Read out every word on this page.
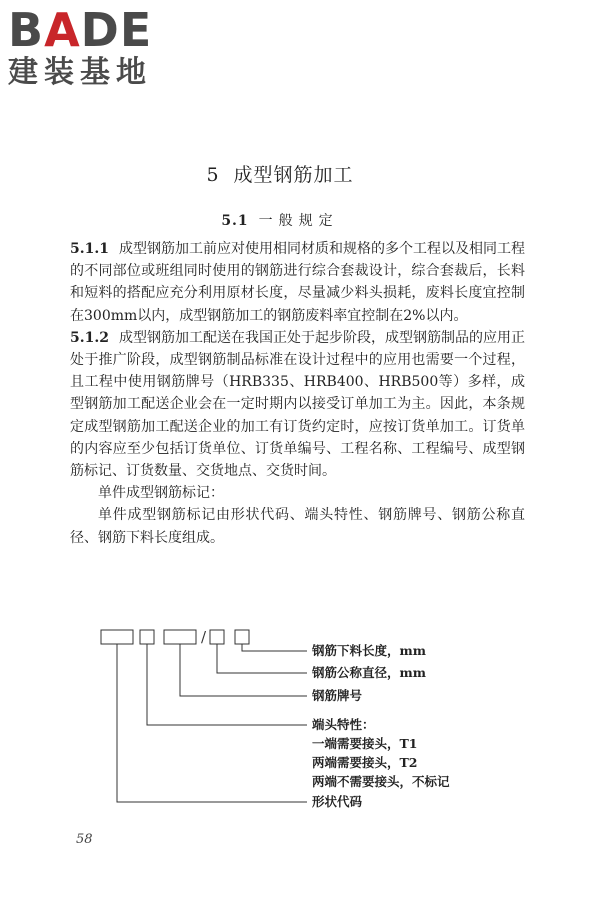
BADE
建装基地
5 成型钢筋加工
5.1 一般规定

5.1.1 成型钢筋加工前应对使用相同材质和规格的多个工程以及相同工程的不同部位或班组同时使用的钢筋进行综合套裁设计，综合套裁后，长料和短料的搭配应充分利用原材长度，尽量减少料头损耗，废料长度宜控制在300mm以内，成型钢筋加工的钢筋废料率宜控制在2%以内。

5.1.2 成型钢筋加工配送在我国正处于起步阶段，成型钢筋制品的应用正处于推广阶段，成型钢筋制品标准在设计过程中的应用也需要一个过程，且工程中使用钢筋牌号（HRB335、HRB400、HRB500等）多样，成型钢筋加工配送企业会在一定时期内以接受订单加工为主。因此，本条规定成型钢筋加工配送企业的加工有订货约定时，应按订货单加工。订货单的内容应至少包括订货单位、订货单编号、工程名称、工程编号、成型钢筋标记、订货数量、交货地点、交货时间。

单件成型钢筋标记：

单件成型钢筋标记由形状代码、端头特性、钢筋牌号、钢筋公称直径、钢筋下料长度组成。

/
钢筋下料长度，mm
钢筋公称直径，mm
钢筋牌号
端头特性：
一端需要接头，T1
两端需要接头，T2
两端不需要接头，不标记
形状代码
58
